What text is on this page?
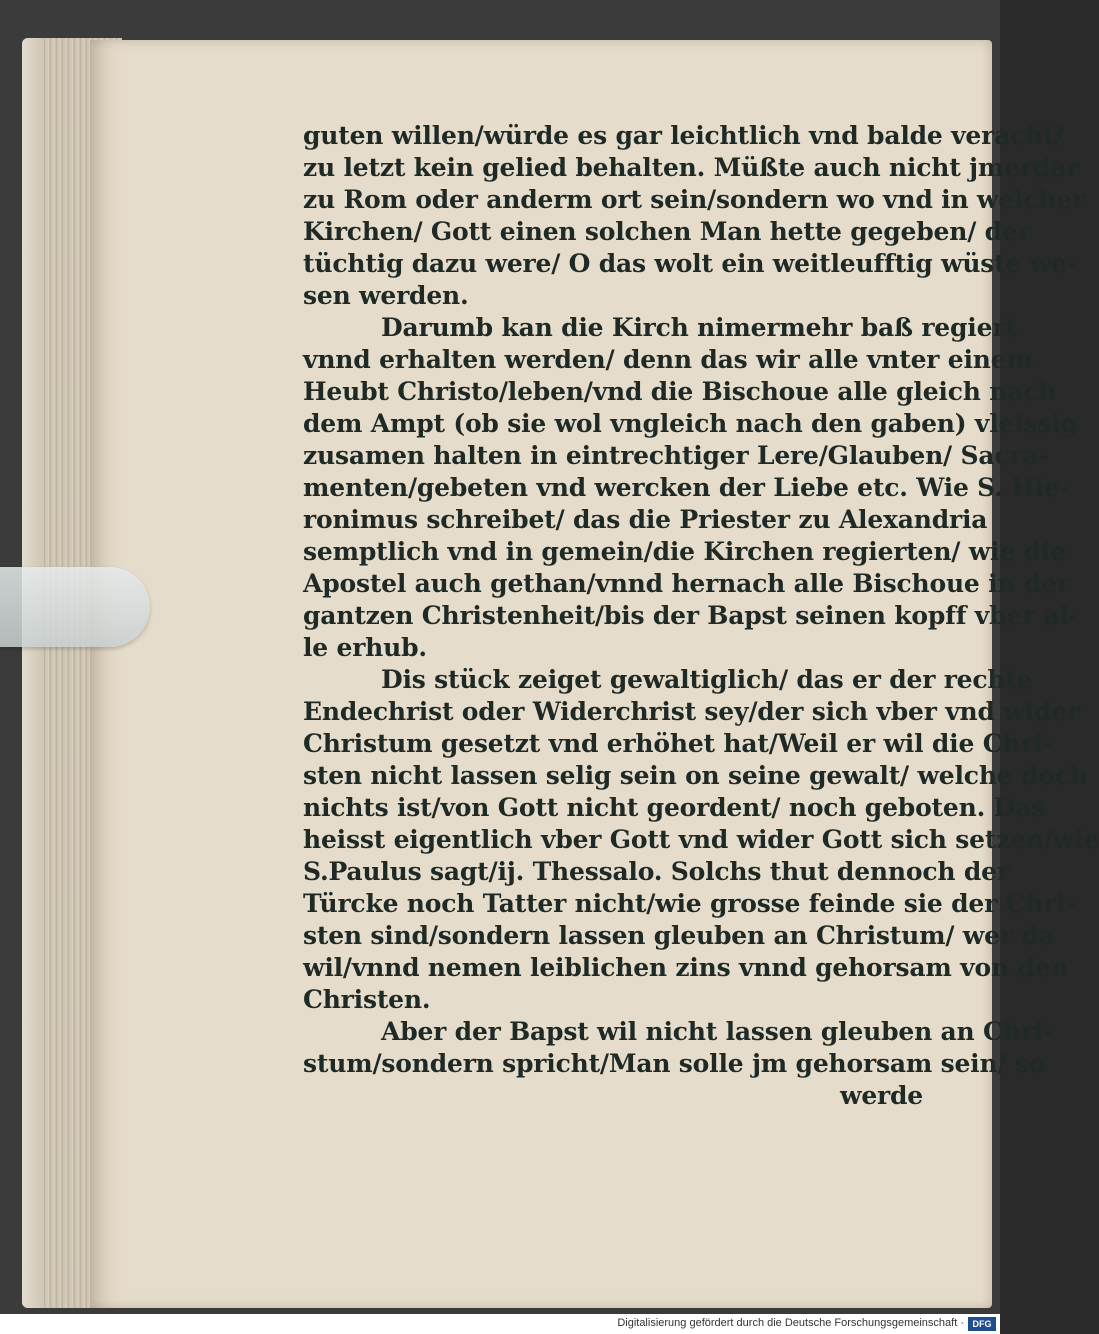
guten willen/würde es gar leichtlich vnd balde veracht/
zu letzt kein gelied behalten. Müßte auch nicht jmerdar
zu Rom oder anderm ort sein/sondern wo vnd in welcher
Kirchen/ Gott einen solchen Man hette gegeben/ der
tüchtig dazu were/ O das wolt ein weitleufftig wüste we-
sen werden.
Darumb kan die Kirch nimermehr baß regiert
vnnd erhalten werden/ denn das wir alle vnter einem
Heubt Christo/leben/vnd die Bischoue alle gleich nach
dem Ampt (ob sie wol vngleich nach den gaben) vleissig
zusamen halten in eintrechtiger Lere/Glauben/ Sacra-
menten/gebeten vnd wercken der Liebe etc. Wie S. Hie-
ronimus schreibet/ das die Priester zu Alexandria
semptlich vnd in gemein/die Kirchen regierten/ wie die
Apostel auch gethan/vnnd hernach alle Bischoue in der
gantzen Christenheit/bis der Bapst seinen kopff vber al-
le erhub.
Dis stück zeiget gewaltiglich/ das er der rechte
Endechrist oder Widerchrist sey/der sich vber vnd wider
Christum gesetzt vnd erhöhet hat/Weil er wil die Chri-
sten nicht lassen selig sein on seine gewalt/ welche doch
nichts ist/von Gott nicht geordent/ noch geboten. Das
heisst eigentlich vber Gott vnd wider Gott sich setzen/wie
S.Paulus sagt/ij. Thessalo. Solchs thut dennoch der
Türcke noch Tatter nicht/wie grosse feinde sie der Chri-
sten sind/sondern lassen gleuben an Christum/ wer da
wil/vnnd nemen leiblichen zins vnnd gehorsam von den
Christen.
Aber der Bapst wil nicht lassen gleuben an Chri-
stum/sondern spricht/Man solle jm gehorsam sein/ so
werde
Digitalisierung gefördert durch die Deutsche Forschungsgemeinschaft · DFG
